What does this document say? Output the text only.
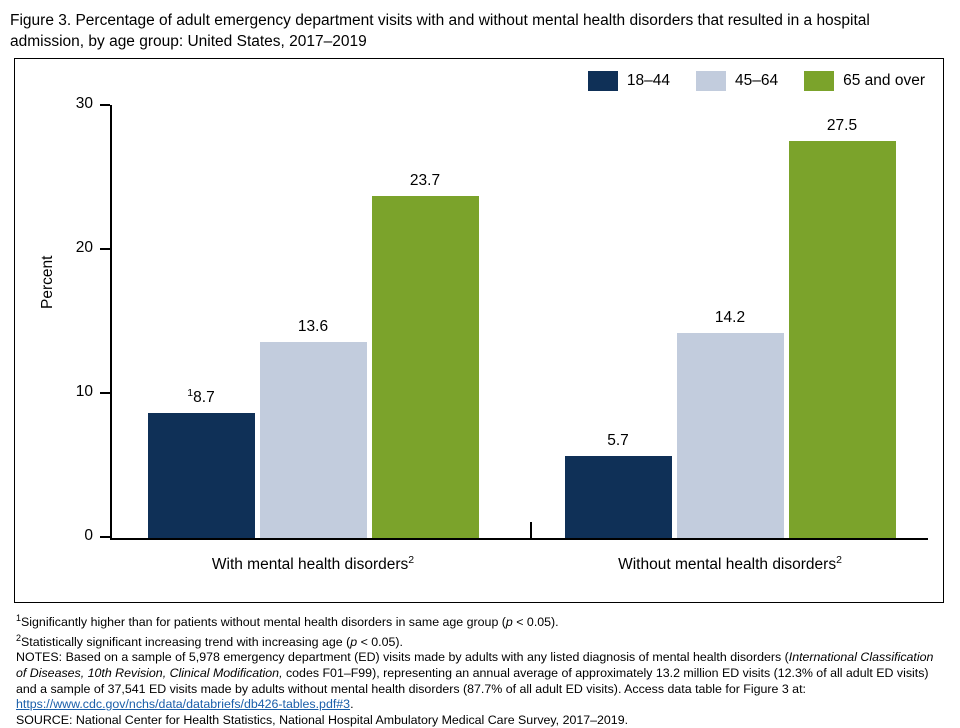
Figure 3. Percentage of adult emergency department visits with and without mental health disorders that resulted in a hospital admission, by age group: United States, 2017–2019
18–44	45–64	65 and over
Percent
0
10
20
30
$^1$8.7
13.6
23.7
5.7
14.2
27.5
With mental health disorders$^2$	Without mental health disorders$^2$

$^1$Significantly higher than for patients without mental health disorders in same age group (p < 0.05).

$^2$Statistically significant increasing trend with increasing age (p < 0.05).

NOTES: Based on a sample of 5,978 emergency department (ED) visits made by adults with any listed diagnosis of mental health disorders (International Classification of Diseases, 10th Revision, Clinical Modification, codes F01–F99), representing an annual average of approximately 13.2 million ED visits (12.3% of all adult ED visits) and a sample of 37,541 ED visits made by adults without mental health disorders (87.7% of all adult ED visits). Access data table for Figure 3 at: https://www.cdc.gov/nchs/data/databriefs/db426-tables.pdf#3.

SOURCE: National Center for Health Statistics, National Hospital Ambulatory Medical Care Survey, 2017–2019.
